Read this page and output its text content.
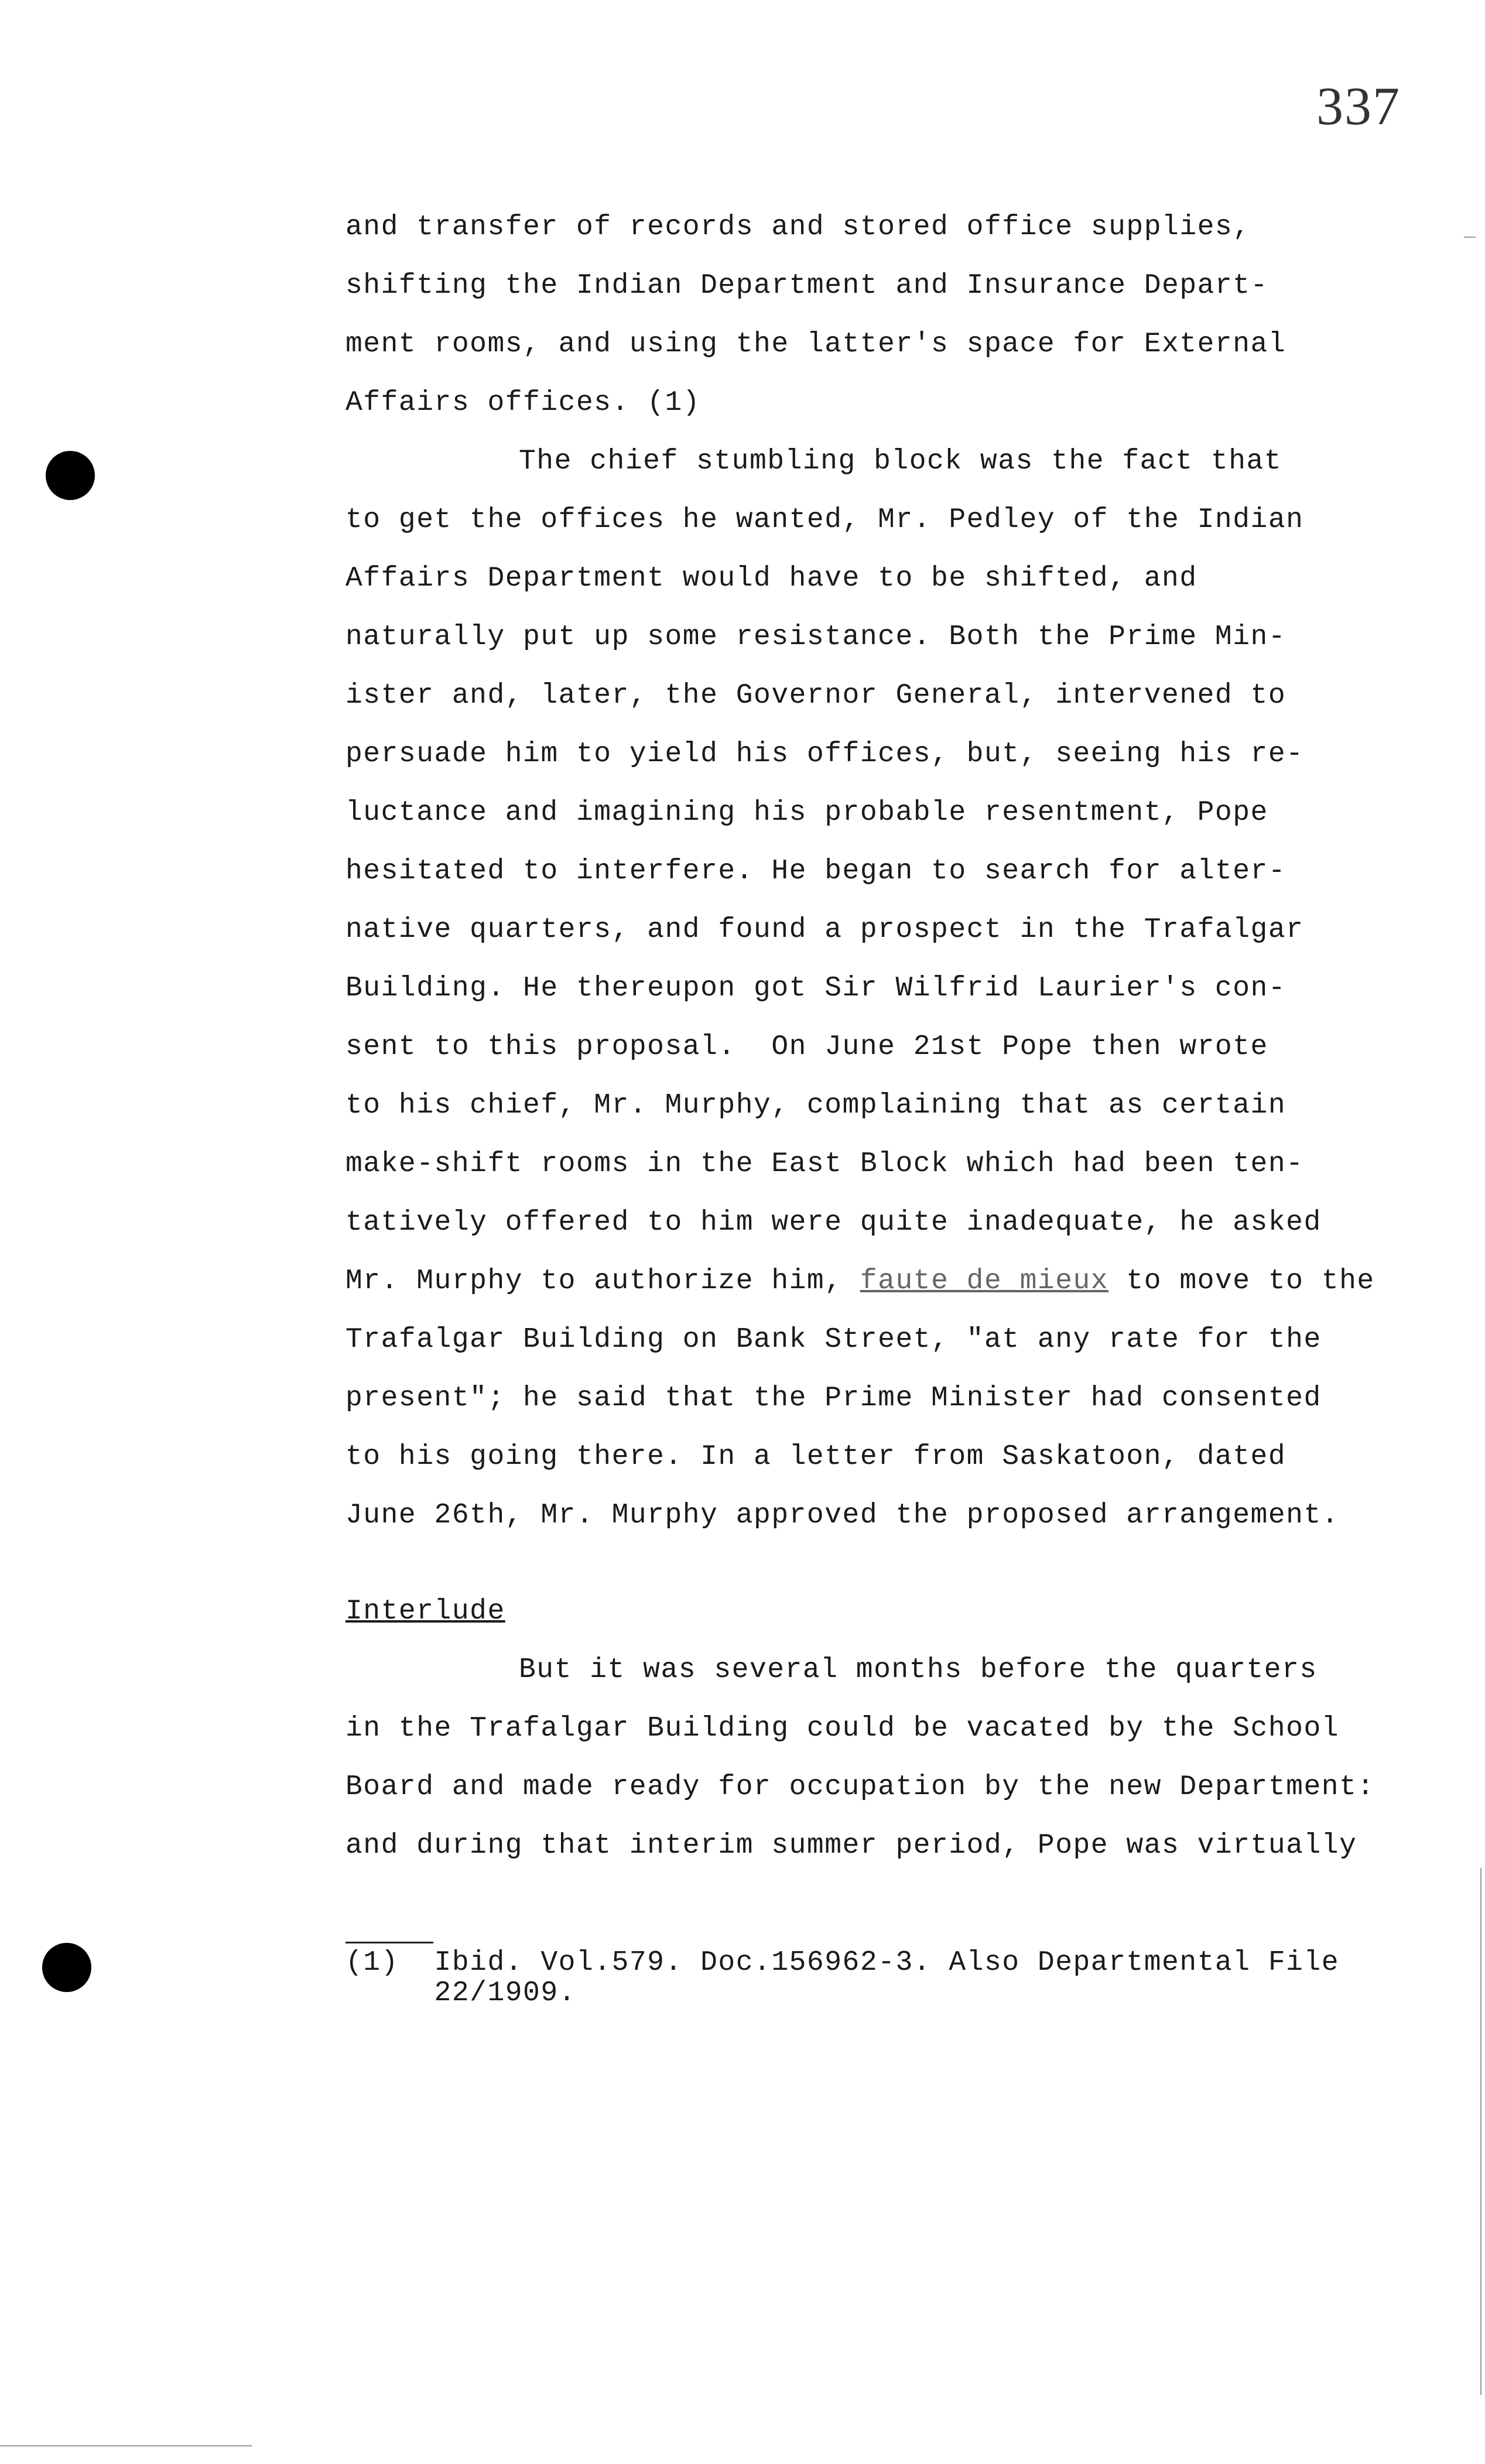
337
and transfer of records and stored office supplies,
shifting the Indian Department and Insurance Depart-
ment rooms, and using the latter's space for External
Affairs offices. (1)
The chief stumbling block was the fact that
to get the offices he wanted, Mr. Pedley of the Indian
Affairs Department would have to be shifted, and
naturally put up some resistance. Both the Prime Min-
ister and, later, the Governor General, intervened to
persuade him to yield his offices, but, seeing his re-
luctance and imagining his probable resentment, Pope
hesitated to interfere. He began to search for alter-
native quarters, and found a prospect in the Trafalgar
Building. He thereupon got Sir Wilfrid Laurier's con-
sent to this proposal.  On June 21st Pope then wrote
to his chief, Mr. Murphy, complaining that as certain
make-shift rooms in the East Block which had been ten-
tatively offered to him were quite inadequate, he asked
Mr. Murphy to authorize him, faute de mieux to move to the
Trafalgar Building on Bank Street, "at any rate for the
present"; he said that the Prime Minister had consented
to his going there. In a letter from Saskatoon, dated
June 26th, Mr. Murphy approved the proposed arrangement.
Interlude
But it was several months before the quarters
in the Trafalgar Building could be vacated by the School
Board and made ready for occupation by the new Department:
and during that interim summer period, Pope was virtually
(1)  Ibid. Vol.579. Doc.156962-3. Also Departmental File
22/1909.
